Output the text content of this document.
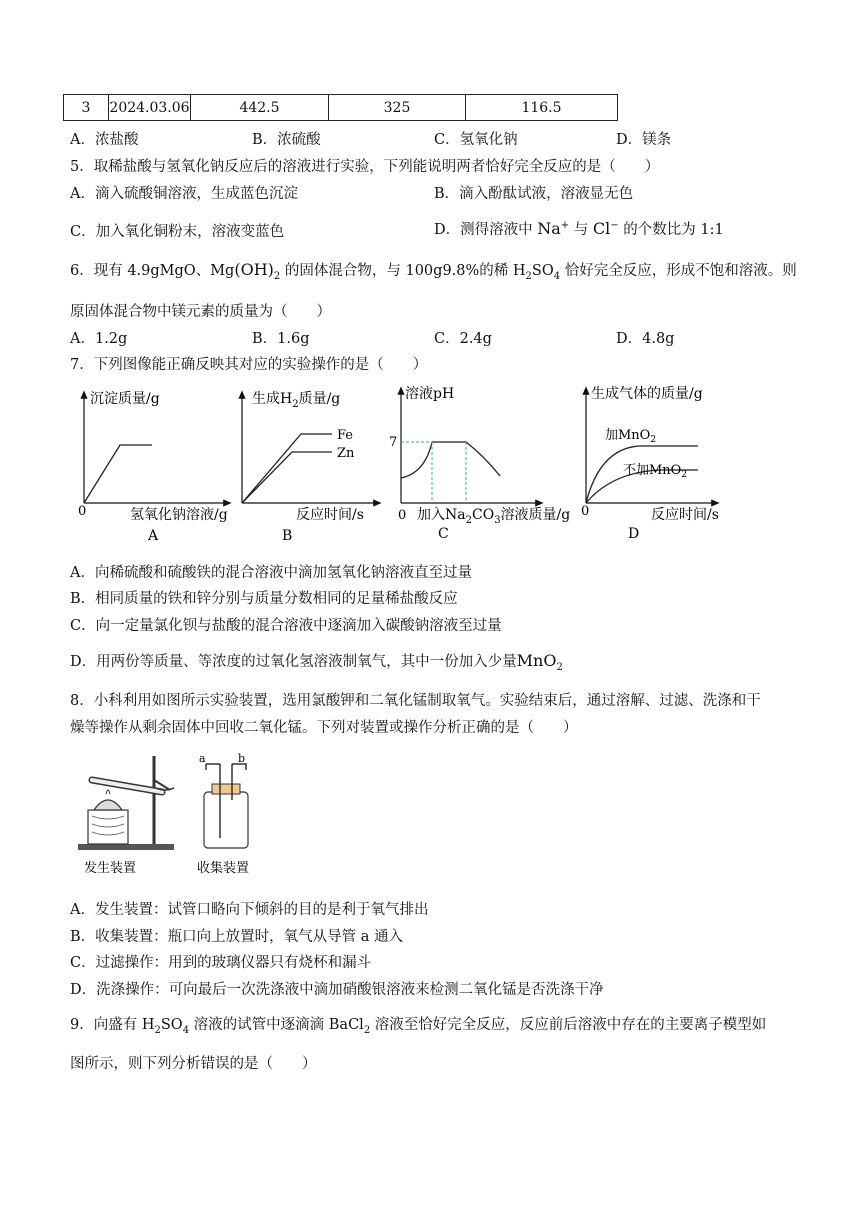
3	2024.03.06	442.5	325	116.5
A．浓盐酸	B．浓硫酸	C．氢氧化钠	D．镁条
5．取稀盐酸与氢氧化钠反应后的溶液进行实验，下列能说明两者恰好完全反应的是（　　）
A．滴入硫酸铜溶液，生成蓝色沉淀	B．滴入酚酞试液，溶液显无色
C．加入氧化铜粉末，溶液变蓝色	D．测得溶液中 Na+ 与 Cl− 的个数比为 1:1
6．现有 4.9gMgO、$Mg(OH)_2$ 的固体混合物，与 100g9.8%的稀 $H_2SO_4$ 恰好完全反应，形成不饱和溶液。则
原固体混合物中镁元素的质量为（　　）
A．1.2g	B．1.6g	C．2.4g	D．4.8g
7．下列图像能正确反映其对应的实验操作的是（　　）
沉淀质量/g
0	氢氧化钠溶液/g
A
生成$H_2$质量/g
Fe
Zn
反应时间/s
B
溶液pH
7
0 加入$Na_2CO_3$溶液质量/g
C
生成气体的质量/g
加MnO$_2$
不加MnO$_2$
0	反应时间/s
D
A．向稀硫酸和硫酸铁的混合溶液中滴加氢氧化钠溶液直至过量
B．相同质量的铁和锌分别与质量分数相同的足量稀盐酸反应
C．向一定量氯化钡与盐酸的混合溶液中逐滴加入碳酸钠溶液至过量
D．用两份等质量、等浓度的过氧化氢溶液制氧气，其中一份加入少量MnO$_2$
8．小科利用如图所示实验装置，选用氯酸钾和二氧化锰制取氧气。实验结束后，通过溶解、过滤、洗涤和干
燥等操作从剩余固体中回收二氧化锰。下列对装置或操作分析正确的是（　　）
a	b
发生装置	收集装置
A．发生装置：试管口略向下倾斜的目的是利于氧气排出
B．收集装置：瓶口向上放置时，氧气从导管 a 通入
C．过滤操作：用到的玻璃仪器只有烧杯和漏斗
D．洗涤操作：可向最后一次洗涤液中滴加硝酸银溶液来检测二氧化锰是否洗涤干净
9．向盛有 $H_2SO_4$ 溶液的试管中逐滴滴 BaCl$_2$ 溶液至恰好完全反应，反应前后溶液中存在的主要离子模型如
图所示，则下列分析错误的是（　　）
